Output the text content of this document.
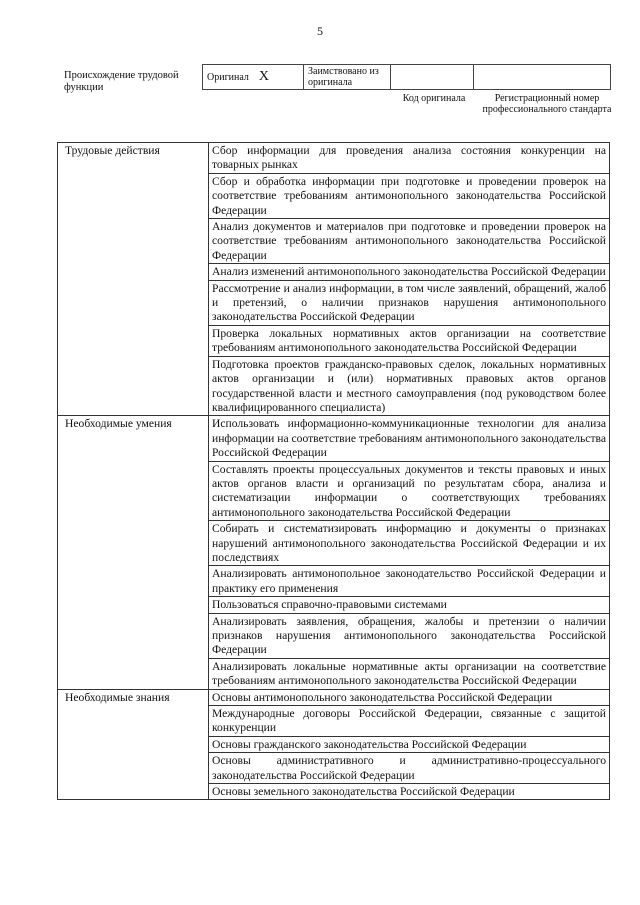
5
Происхождение трудовой функции
Оригинал X	Заимствовано из оригинала		
Код оригинала	Регистрационный номер профессионального стандарта
Трудовые действия	Сбор информации для проведения анализа состояния конкуренции на товарных рынках
	Сбор и обработка информации при подготовке и проведении проверок на соответствие требованиям антимонопольного законодательства Российской Федерации
	Анализ документов и материалов при подготовке и проведении проверок на соответствие требованиям антимонопольного законодательства Российской Федерации
	Анализ изменений антимонопольного законодательства Российской Федерации
	Рассмотрение и анализ информации, в том числе заявлений, обращений, жалоб и претензий, о наличии признаков нарушения антимонопольного законодательства Российской Федерации
	Проверка локальных нормативных актов организации на соответствие требованиям антимонопольного законодательства Российской Федерации
	Подготовка проектов гражданско-правовых сделок, локальных нормативных актов организации и (или) нормативных правовых актов органов государственной власти и местного самоуправления (под руководством более квалифицированного специалиста)
Необходимые умения	Использовать информационно-коммуникационные технологии для анализа информации на соответствие требованиям антимонопольного законодательства Российской Федерации
	Составлять проекты процессуальных документов и тексты правовых и иных актов органов власти и организаций по результатам сбора, анализа и систематизации информации о соответствующих требованиях антимонопольного законодательства Российской Федерации
	Собирать и систематизировать информацию и документы о признаках нарушений антимонопольного законодательства Российской Федерации и их последствиях
	Анализировать антимонопольное законодательство Российской Федерации и практику его применения
	Пользоваться справочно-правовыми системами
	Анализировать заявления, обращения, жалобы и претензии о наличии признаков нарушения антимонопольного законодательства Российской Федерации
	Анализировать локальные нормативные акты организации на соответствие требованиям антимонопольного законодательства Российской Федерации
Необходимые знания	Основы антимонопольного законодательства Российской Федерации
	Международные договоры Российской Федерации, связанные с защитой конкуренции
	Основы гражданского законодательства Российской Федерации
	Основы административного и административно-процессуального законодательства Российской Федерации
	Основы земельного законодательства Российской Федерации
